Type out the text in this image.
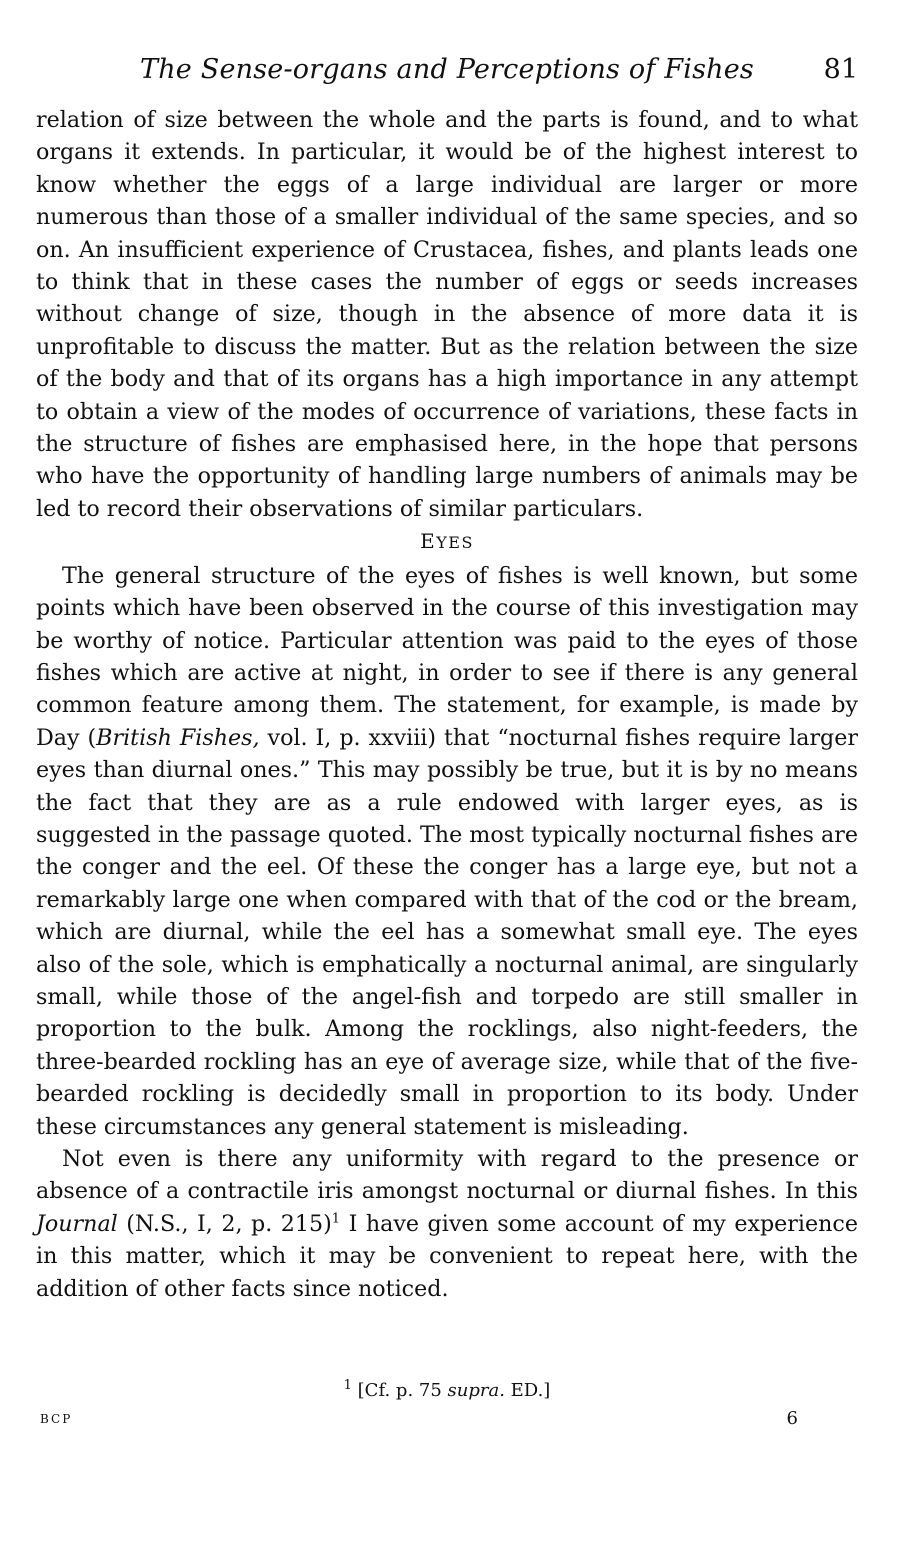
The Sense-organs and Perceptions of Fishes	81

relation of size between the whole and the parts is found, and to what organs it extends. In particular, it would be of the highest interest to know whether the eggs of a large individual are larger or more numerous than those of a smaller individual of the same species, and so on. An insufficient experience of Crustacea, fishes, and plants leads one to think that in these cases the number of eggs or seeds increases without change of size, though in the absence of more data it is unprofitable to discuss the matter. But as the relation between the size of the body and that of its organs has a high importance in any attempt to obtain a view of the modes of occurrence of variations, these facts in the structure of fishes are emphasised here, in the hope that persons who have the opportunity of handling large numbers of animals may be led to record their observations of similar particulars.

EYES

The general structure of the eyes of fishes is well known, but some points which have been observed in the course of this investigation may be worthy of notice. Particular attention was paid to the eyes of those fishes which are active at night, in order to see if there is any general common feature among them. The statement, for example, is made by Day (British Fishes, vol. I, p. xxviii) that “nocturnal fishes require larger eyes than diurnal ones.” This may possibly be true, but it is by no means the fact that they are as a rule endowed with larger eyes, as is suggested in the passage quoted. The most typically nocturnal fishes are the conger and the eel. Of these the conger has a large eye, but not a remarkably large one when compared with that of the cod or the bream, which are diurnal, while the eel has a somewhat small eye. The eyes also of the sole, which is emphatically a nocturnal animal, are singularly small, while those of the angel-fish and torpedo are still smaller in proportion to the bulk. Among the rocklings, also night-feeders, the three-bearded rockling has an eye of average size, while that of the five-bearded rockling is decidedly small in proportion to its body. Under these circumstances any general statement is misleading.

Not even is there any uniformity with regard to the presence or absence of a contractile iris amongst nocturnal or diurnal fishes. In this Journal (N.S., I, 2, p. 215)$^1$ I have given some account of my experience in this matter, which it may be convenient to repeat here, with the addition of other facts since noticed.

$^1$ [Cf. p. 75 supra. ED.]
BCP	6
